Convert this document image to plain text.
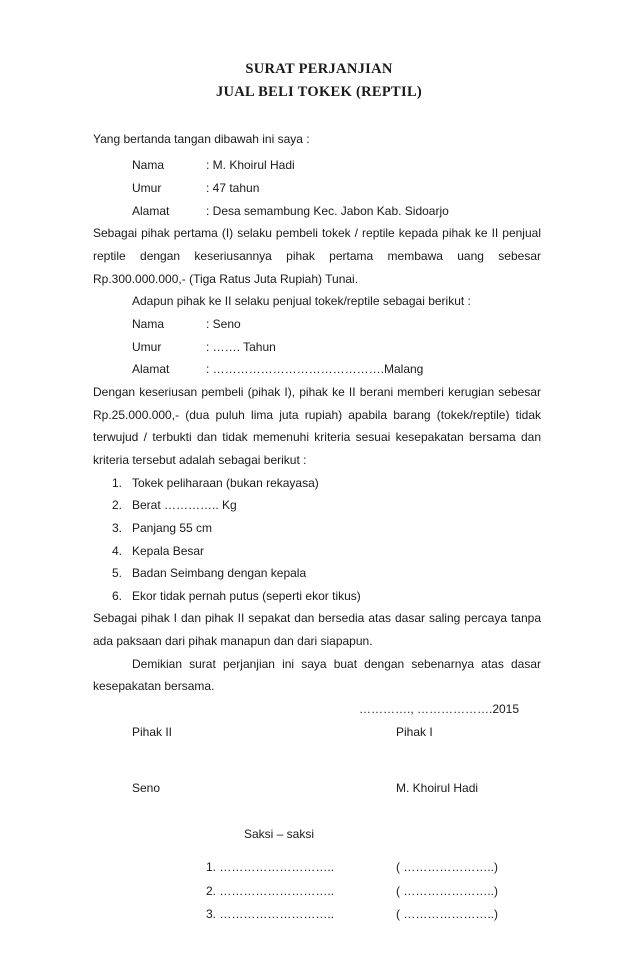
SURAT PERJANJIAN
JUAL BELI TOKEK (REPTIL)
Yang bertanda tangan dibawah ini saya :
Nama	: M. Khoirul Hadi
Umur	: 47 tahun
Alamat	: Desa semambung Kec. Jabon Kab. Sidoarjo
Sebagai pihak pertama (I) selaku pembeli tokek / reptile kepada pihak ke II penjual
reptile dengan keseriusannya pihak pertama membawa uang sebesar
Rp.300.000.000,- (Tiga Ratus Juta Rupiah) Tunai.
Adapun pihak ke II selaku penjual tokek/reptile sebagai berikut :
Nama	: Seno
Umur	: ……. Tahun
Alamat	: …………………………………….Malang
Dengan keseriusan pembeli (pihak I), pihak ke II berani memberi kerugian sebesar
Rp.25.000.000,- (dua puluh lima juta rupiah) apabila barang (tokek/reptile) tidak
terwujud / terbukti dan tidak memenuhi kriteria sesuai kesepakatan bersama dan
kriteria tersebut adalah sebagai berikut :
1. Tokek peliharaan (bukan rekayasa)
2. Berat ………….. Kg
3. Panjang 55 cm
4. Kepala Besar
5. Badan Seimbang dengan kepala
6. Ekor tidak pernah putus (seperti ekor tikus)
Sebagai pihak I dan pihak II sepakat dan bersedia atas dasar saling percaya tanpa
ada paksaan dari pihak manapun dan dari siapapun.
Demikian surat perjanjian ini saya buat dengan sebenarnya atas dasar
kesepakatan bersama.
…………., ……………….2015
Pihak II	Pihak I
Seno	M. Khoirul Hadi
Saksi – saksi
1. ………………………..	( …………………..)
2. ………………………..	( …………………..)
3. ………………………..	( …………………..)
